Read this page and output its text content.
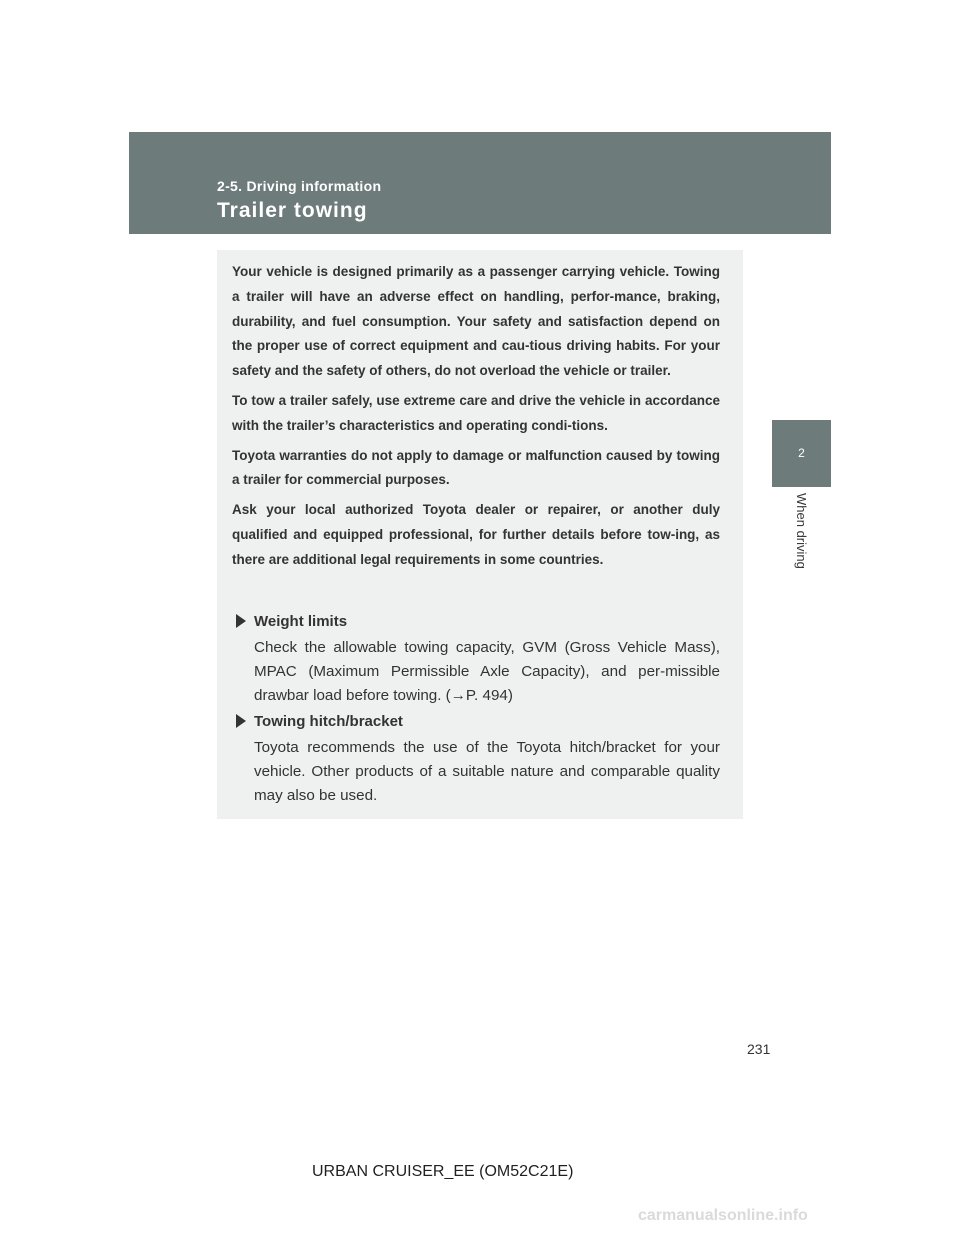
2-5. Driving information
Trailer towing
2
When driving

Your vehicle is designed primarily as a passenger carrying vehicle. Towing a trailer will have an adverse effect on handling, perfor-mance, braking, durability, and fuel consumption. Your safety and satisfaction depend on the proper use of correct equipment and cau-tious driving habits. For your safety and the safety of others, do not overload the vehicle or trailer.

To tow a trailer safely, use extreme care and drive the vehicle in accordance with the trailer’s characteristics and operating condi-tions.

Toyota warranties do not apply to damage or malfunction caused by towing a trailer for commercial purposes.

Ask your local authorized Toyota dealer or repairer, or another duly qualified and equipped professional, for further details before tow-ing, as there are additional legal requirements in some countries.

Weight limits
Check the allowable towing capacity, GVM (Gross Vehicle Mass), MPAC (Maximum Permissible Axle Capacity), and per-missible drawbar load before towing. (→P. 494)
Towing hitch/bracket
Toyota recommends the use of the Toyota hitch/bracket for your vehicle. Other products of a suitable nature and comparable quality may also be used.
231
URBAN CRUISER_EE (OM52C21E)
carmanualsonline.info
